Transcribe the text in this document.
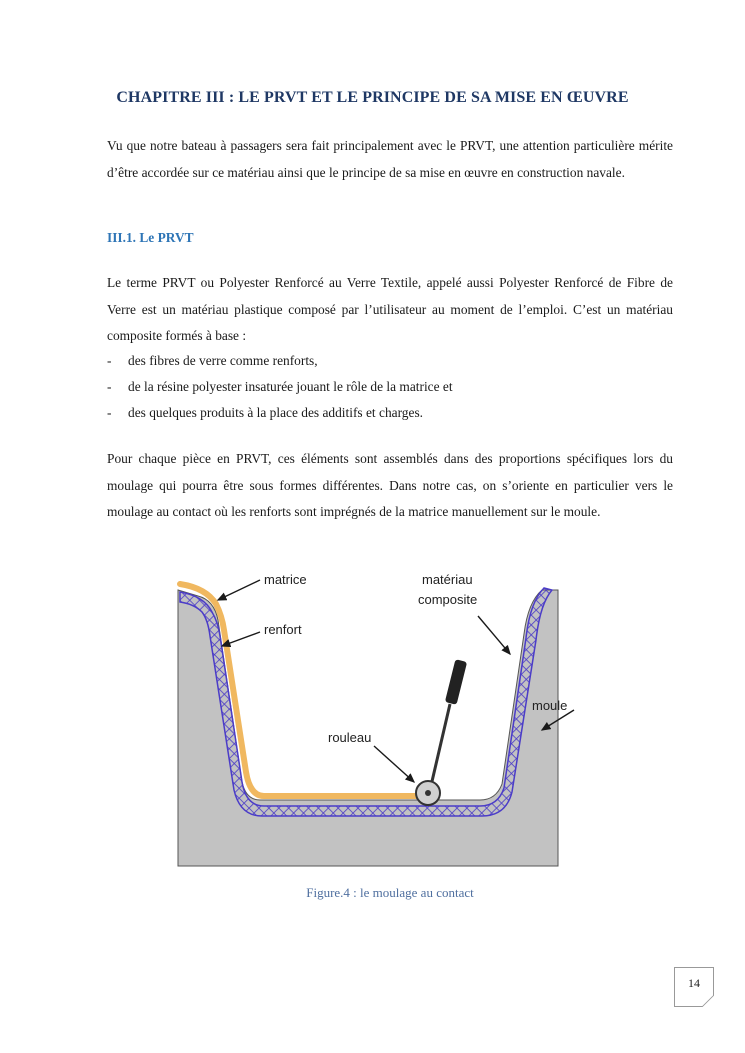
CHAPITRE III : LE PRVT ET LE PRINCIPE DE SA MISE EN ŒUVRE

Vu que notre bateau à passagers sera fait principalement avec le PRVT, une attention particulière mérite d’être accordée sur ce matériau ainsi que le principe de sa mise en œuvre en construction navale.

III.1. Le PRVT

Le terme PRVT ou Polyester Renforcé au Verre Textile, appelé aussi Polyester Renforcé de Fibre de Verre est un matériau plastique composé par l’utilisateur au moment de l’emploi. C’est un matériau composite formés à base :

- des fibres de verre comme renforts,
- de la résine polyester insaturée jouant le rôle de la matrice et
- des quelques produits à la place des additifs et charges.

Pour chaque pièce en PRVT, ces éléments sont assemblés dans des proportions spécifiques lors du moulage qui pourra être sous formes différentes. Dans notre cas, on s’oriente en particulier vers le moulage au contact où les renforts sont imprégnés de la matrice manuellement sur le moule.

matrice
renfort
matériau
composite
moule
rouleau

Figure.4 : le moulage au contact

14
